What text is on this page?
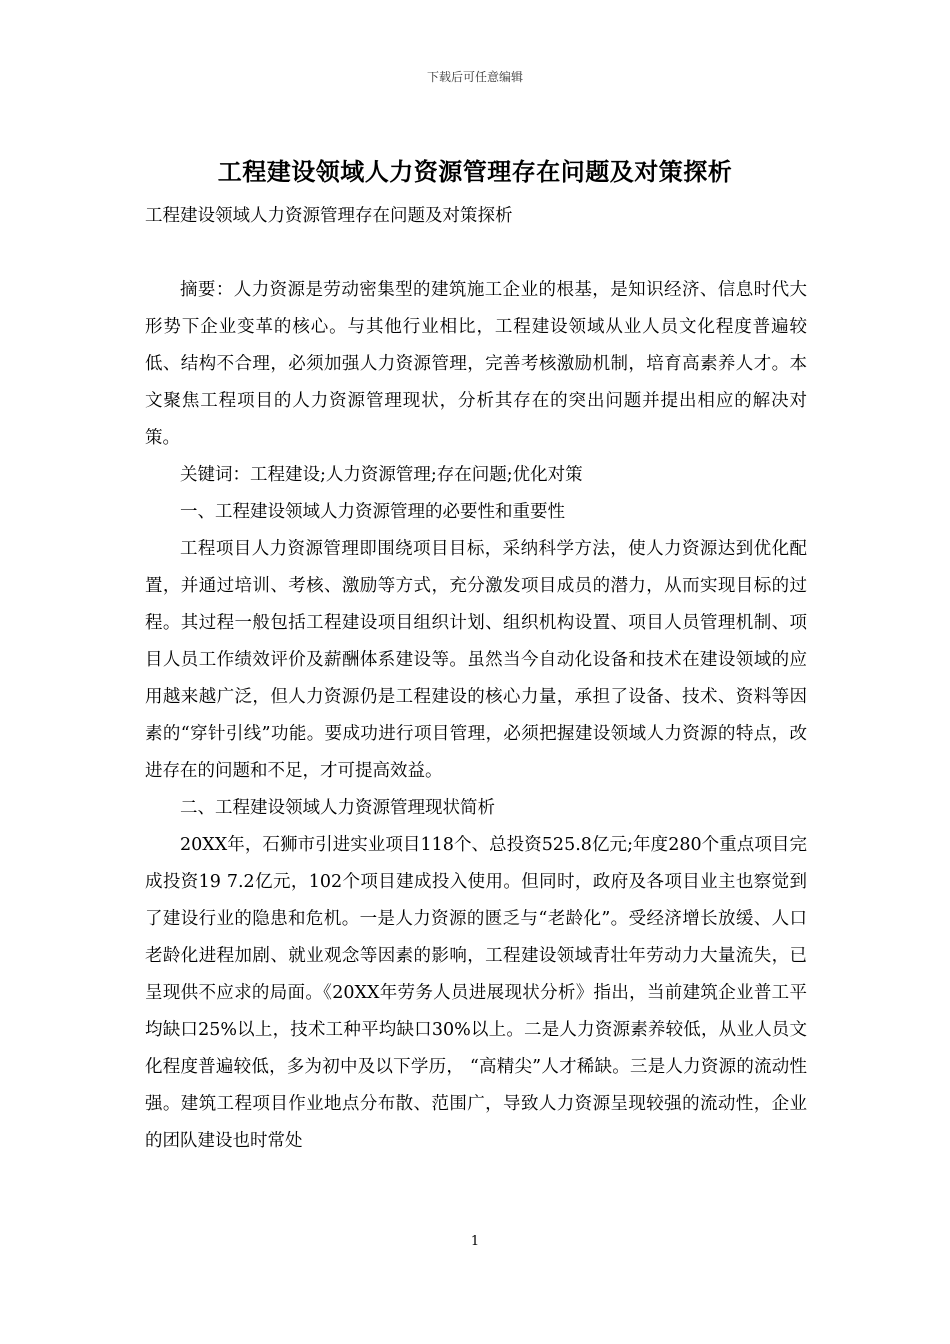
下载后可任意编辑
工程建设领域人力资源管理存在问题及对策探析

工程建设领域人力资源管理存在问题及对策探析

摘要：人力资源是劳动密集型的建筑施工企业的根基，是知识经济、信息时代大形势下企业变革的核心。与其他行业相比，工程建设领域从业人员文化程度普遍较低、结构不合理，必须加强人力资源管理，完善考核激励机制，培育高素养人才。本文聚焦工程项目的人力资源管理现状，分析其存在的突出问题并提出相应的解决对策。

关键词：工程建设;人力资源管理;存在问题;优化对策

一、工程建设领域人力资源管理的必要性和重要性

工程项目人力资源管理即围绕项目目标，采纳科学方法，使人力资源达到优化配置，并通过培训、考核、激励等方式，充分激发项目成员的潜力，从而实现目标的过程。其过程一般包括工程建设项目组织计划、组织机构设置、项目人员管理机制、项目人员工作绩效评价及薪酬体系建设等。虽然当今自动化设备和技术在建设领域的应用越来越广泛，但人力资源仍是工程建设的核心力量，承担了设备、技术、资料等因素的“穿针引线”功能。要成功进行项目管理，必须把握建设领域人力资源的特点，改进存在的问题和不足，才可提高效益。

二、工程建设领域人力资源管理现状简析

20XX年，石狮市引进实业项目118个、总投资525.8亿元;年度280个重点项目完成投资19 7.2亿元，102个项目建成投入使用。但同时，政府及各项目业主也察觉到了建设行业的隐患和危机。一是人力资源的匮乏与“老龄化”。受经济增长放缓、人口老龄化进程加剧、就业观念等因素的影响，工程建设领域青壮年劳动力大量流失，已呈现供不应求的局面。《20XX年劳务人员进展现状分析》指出，当前建筑企业普工平均缺口25%以上，技术工种平均缺口30%以上。二是人力资源素养较低，从业人员文化程度普遍较低，多为初中及以下学历， “高精尖”人才稀缺。三是人力资源的流动性强。建筑工程项目作业地点分布散、范围广，导致人力资源呈现较强的流动性，企业的团队建设也时常处

1
